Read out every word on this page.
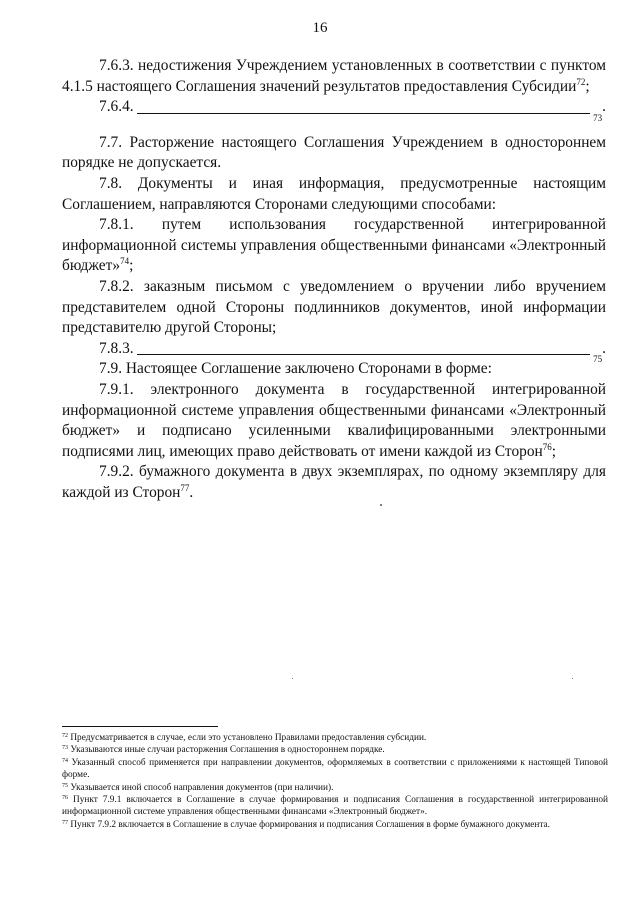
16

7.6.3. недостижения Учреждением установленных в соответствии с пунктом 4.1.5 настоящего Соглашения значений результатов предоставления Субсидии$^{72}$;

7.6.4.
73
.

7.7. Расторжение настоящего Соглашения Учреждением в одностороннем порядке не допускается.

7.8. Документы и иная информация, предусмотренные настоящим Соглашением, направляются Сторонами следующими способами:

7.8.1. путем использования государственной интегрированной информационной системы управления общественными финансами «Электронный бюджет»$^{74}$;

7.8.2. заказным письмом с уведомлением о вручении либо вручением представителем одной Стороны подлинников документов, иной информации представителю другой Стороны;

7.8.3.
75
.

7.9. Настоящее Соглашение заключено Сторонами в форме:

7.9.1. электронного документа в государственной интегрированной информационной системе управления общественными финансами «Электронный бюджет» и подписано усиленными квалифицированными электронными подписями лиц, имеющих право действовать от имени каждой из Сторон$^{76}$;

7.9.2. бумажного документа в двух экземплярах, по одному экземпляру для каждой из Сторон$^{77}$.

$^{72}$ Предусматривается в случае, если это установлено Правилами предоставления субсидии.

$^{73}$ Указываются иные случаи расторжения Соглашения в одностороннем порядке.

$^{74}$ Указанный способ применяется при направлении документов, оформляемых в соответствии с приложениями к настоящей Типовой форме.

$^{75}$ Указывается иной способ направления документов (при наличии).

$^{76}$ Пункт 7.9.1 включается в Соглашение в случае формирования и подписания Соглашения в государственной интегрированной информационной системе управления общественными финансами «Электронный бюджет».

$^{77}$ Пункт 7.9.2 включается в Соглашение в случае формирования и подписания Соглашения в форме бумажного документа.
